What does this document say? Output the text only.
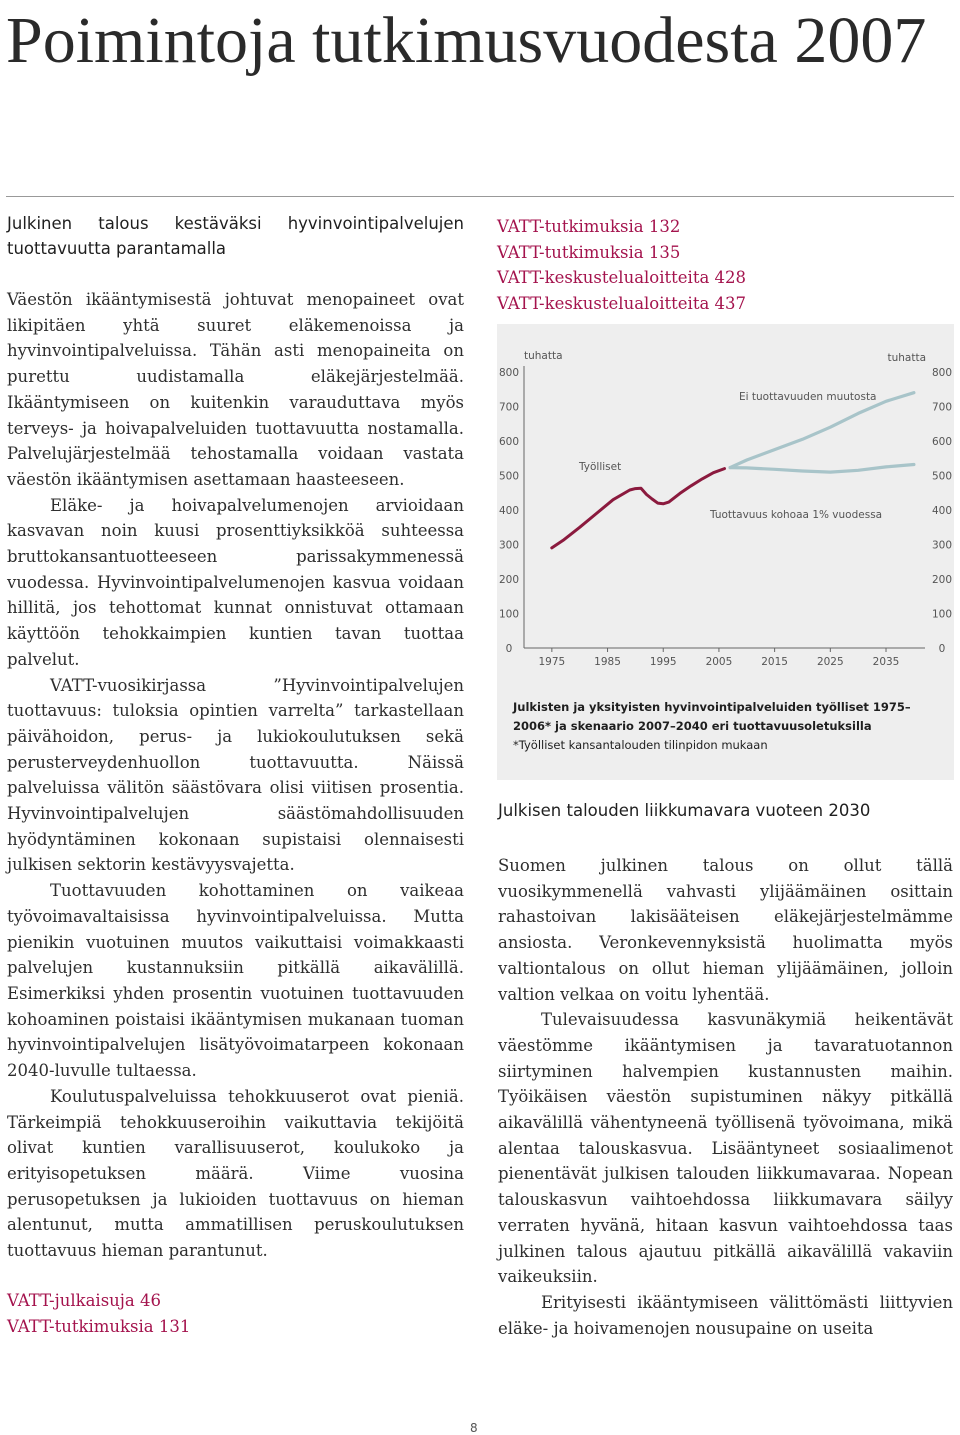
Poimintoja tutkimusvuodesta 2007

Julkinen talous kestäväksi hyvinvointipalvelujen tuottavuutta parantamalla

Väestön ikääntymisestä johtuvat menopaineet ovat likipitäen yhtä suuret eläkemenoissa ja hyvinvointipalveluissa. Tähän asti menopaineita on purettu uudistamalla eläkejärjestelmää. Ikääntymiseen on kuitenkin varauduttava myös terveys- ja hoivapalveluiden tuottavuutta nostamalla. Palvelujärjestelmää tehostamalla voidaan vastata väestön ikääntymisen asettamaan haasteeseen.

Eläke- ja hoivapalvelumenojen arvioidaan kasvavan noin kuusi prosenttiyksikköä suhteessa bruttokansantuotteeseen parissakymmenessä vuodessa. Hyvinvointipalvelumenojen kasvua voidaan hillitä, jos tehottomat kunnat onnistuvat ottamaan käyttöön tehokkaimpien kuntien tavan tuottaa palvelut.

VATT-vuosikirjassa ”Hyvinvointipalvelujen tuottavuus: tuloksia opintien varrelta” tarkastellaan päivähoidon, perus- ja lukiokoulutuksen sekä perusterveydenhuollon tuottavuutta. Näissä palveluissa välitön säästövara olisi viitisen prosentia. Hyvinvointipalvelujen säästömahdollisuuden hyödyntäminen kokonaan supistaisi olennaisesti julkisen sektorin kestävyysvajetta.

Tuottavuuden kohottaminen on vaikeaa työvoimavaltaisissa hyvinvointipalveluissa. Mutta pienikin vuotuinen muutos vaikuttaisi voimakkaasti palvelujen kustannuksiin pitkällä aikavälillä. Esimerkiksi yhden prosentin vuotuinen tuottavuuden kohoaminen poistaisi ikääntymisen mukanaan tuoman hyvinvointipalvelujen lisätyövoimatarpeen kokonaan 2040-luvulle tultaessa.

Koulutuspalveluissa tehokkuuserot ovat pieniä. Tärkeimpiä tehokkuuseroihin vaikuttavia tekijöitä olivat kuntien varallisuuserot, koulukoko ja erityisopetuksen määrä. Viime vuosina perusopetuksen ja lukioiden tuottavuus on hieman alentunut, mutta ammatillisen peruskoulutuksen tuottavuus hieman parantunut.

VATT-julkaisuja 46
VATT-tutkimuksia 131
VATT-tutkimuksia 132
VATT-tutkimuksia 135
VATT-keskustelualoitteita 428
VATT-keskustelualoitteita 437
tuhatta	tuhatta
Työlliset
Ei tuottavuuden muutosta
Tuottavuus kohoaa 1% vuodessa
0	0
100	100
200	200
300	300
400	400
500	500
600	600
700	700
800	800
1975	1985	1995	2005	2015	2025	2035
Julkisten ja yksityisten hyvinvointipalveluiden työlliset 1975–2006* ja skenaario 2007–2040 eri tuottavuusoletuksilla
*Työlliset kansantalouden tilinpidon mukaan

Julkisen talouden liikkumavara vuoteen 2030

Suomen julkinen talous on ollut tällä vuosikymmenellä vahvasti ylijäämäinen osittain rahastoivan lakisääteisen eläkejärjestelmämme ansiosta. Veronkevennyksistä huolimatta myös valtiontalous on ollut hieman ylijäämäinen, jolloin valtion velkaa on voitu lyhentää.

Tulevaisuudessa kasvunäkymiä heikentävät väestömme ikääntymisen ja tavaratuotannon siirtyminen halvempien kustannusten maihin. Työikäisen väestön supistuminen näkyy pitkällä aikavälillä vähentyneenä työllisenä työvoimana, mikä alentaa talouskasvua. Lisääntyneet sosiaalimenot pienentävät julkisen talouden liikkumavaraa. Nopean talouskasvun vaihtoehdossa liikkumavara säilyy verraten hyvänä, hitaan kasvun vaihtoehdossa taas julkinen talous ajautuu pitkällä aikavälillä vakaviin vaikeuksiin.

Erityisesti ikääntymiseen välittömästi liittyvien eläke- ja hoivamenojen nousupaine on useita

8
